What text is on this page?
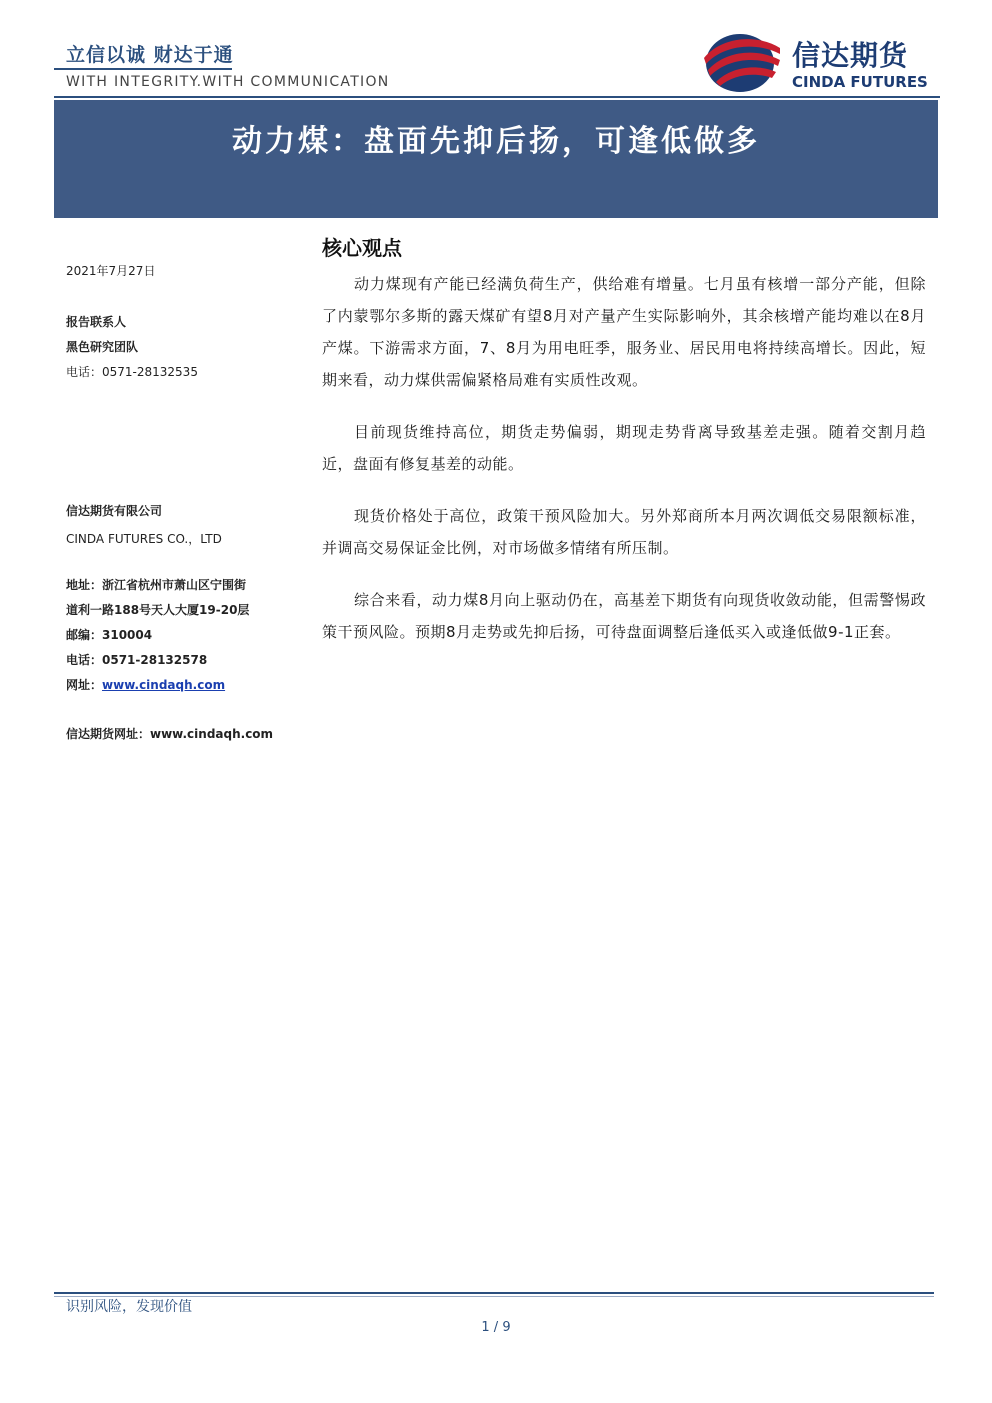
立信以诚 财达于通
WITH INTEGRITY.WITH COMMUNICATION
信达期货
CINDA FUTURES
动力煤：盘面先抑后扬，可逢低做多
2021年7月27日
报告联系人
黑色研究团队
电话：0571-28132535
信达期货有限公司
CINDA FUTURES CO.，LTD
地址：浙江省杭州市萧山区宁围街
道利一路188号天人大厦19-20层
邮编：310004
电话：0571-28132578
网址：www.cindaqh.com
信达期货网址：www.cindaqh.com
核心观点

动力煤现有产能已经满负荷生产，供给难有增量。七月虽有核增一部分产能，但除了内蒙鄂尔多斯的露天煤矿有望8月对产量产生实际影响外，其余核增产能均难以在8月产煤。下游需求方面，7、8月为用电旺季，服务业、居民用电将持续高增长。因此，短期来看，动力煤供需偏紧格局难有实质性改观。

目前现货维持高位，期货走势偏弱，期现走势背离导致基差走强。随着交割月趋近，盘面有修复基差的动能。

现货价格处于高位，政策干预风险加大。另外郑商所本月两次调低交易限额标准，并调高交易保证金比例，对市场做多情绪有所压制。

综合来看，动力煤8月向上驱动仍在，高基差下期货有向现货收敛动能，但需警惕政策干预风险。预期8月走势或先抑后扬，可待盘面调整后逢低买入或逢低做9-1正套。

识别风险，发现价值
1 / 9
